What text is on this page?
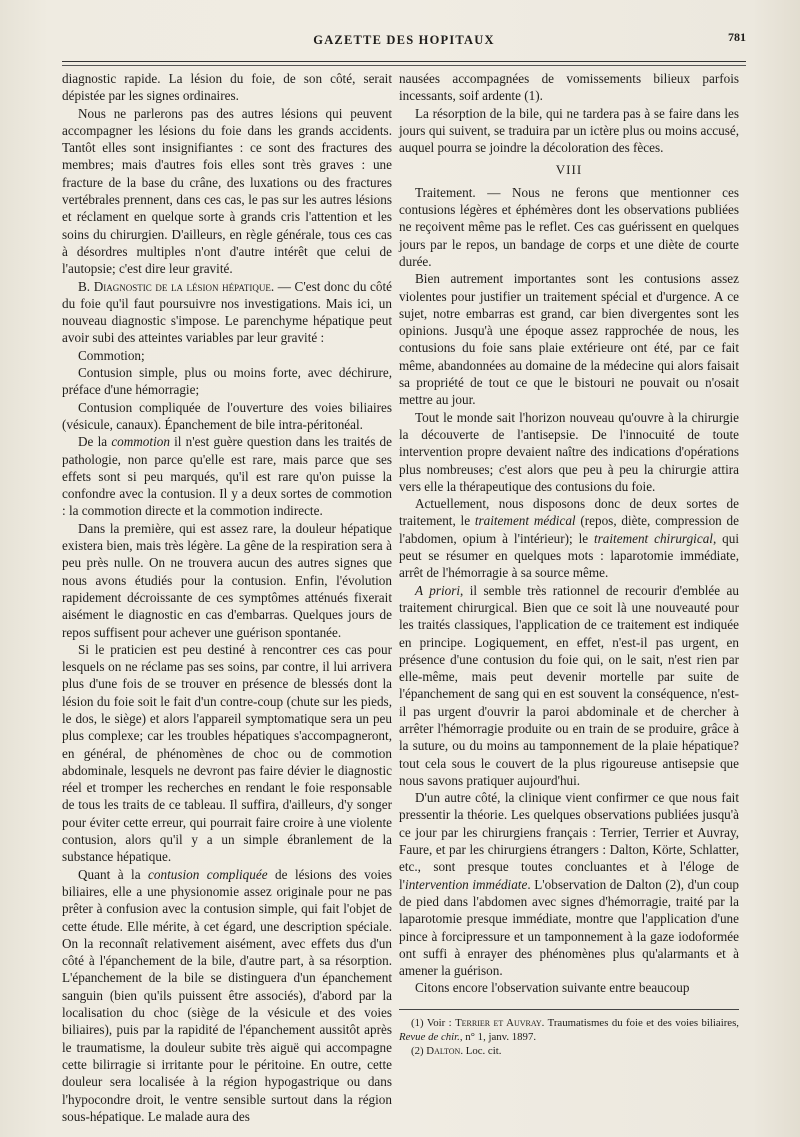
GAZETTE DES HOPITAUX	781

diagnostic rapide. La lésion du foie, de son côté, serait dépistée par les signes ordinaires.

Nous ne parlerons pas des autres lésions qui peuvent accompagner les lésions du foie dans les grands accidents. Tantôt elles sont insignifiantes : ce sont des fractures des membres; mais d'autres fois elles sont très graves : une fracture de la base du crâne, des luxations ou des fractures vertébrales prennent, dans ces cas, le pas sur les autres lésions et réclament en quelque sorte à grands cris l'attention et les soins du chirurgien. D'ailleurs, en règle générale, tous ces cas à désordres multiples n'ont d'autre intérêt que celui de l'autopsie; c'est dire leur gravité.

B. Diagnostic de la lésion hépatique. — C'est donc du côté du foie qu'il faut poursuivre nos investigations. Mais ici, un nouveau diagnostic s'impose. Le parenchyme hépatique peut avoir subi des atteintes variables par leur gravité :

Commotion;

Contusion simple, plus ou moins forte, avec déchirure, préface d'une hémorragie;

Contusion compliquée de l'ouverture des voies biliaires (vésicule, canaux). Épanchement de bile intra-péritonéal.

De la commotion il n'est guère question dans les traités de pathologie, non parce qu'elle est rare, mais parce que ses effets sont si peu marqués, qu'il est rare qu'on puisse la confondre avec la contusion. Il y a deux sortes de commotion : la commotion directe et la commotion indirecte.

Dans la première, qui est assez rare, la douleur hépatique existera bien, mais très légère. La gêne de la respiration sera à peu près nulle. On ne trouvera aucun des autres signes que nous avons étudiés pour la contusion. Enfin, l'évolution rapidement décroissante de ces symptômes atténués fixerait aisément le diagnostic en cas d'embarras. Quelques jours de repos suffisent pour achever une guérison spontanée.

Si le praticien est peu destiné à rencontrer ces cas pour lesquels on ne réclame pas ses soins, par contre, il lui arrivera plus d'une fois de se trouver en présence de blessés dont la lésion du foie soit le fait d'un contre-coup (chute sur les pieds, le dos, le siège) et alors l'appareil symptomatique sera un peu plus complexe; car les troubles hépatiques s'accompagneront, en général, de phénomènes de choc ou de commotion abdominale, lesquels ne devront pas faire dévier le diagnostic réel et tromper les recherches en rendant le foie responsable de tous les traits de ce tableau. Il suffira, d'ailleurs, d'y songer pour éviter cette erreur, qui pourrait faire croire à une violente contusion, alors qu'il y a un simple ébranlement de la substance hépatique.

Quant à la contusion compliquée de lésions des voies biliaires, elle a une physionomie assez originale pour ne pas prêter à confusion avec la contusion simple, qui fait l'objet de cette étude. Elle mérite, à cet égard, une description spéciale. On la reconnaît relativement aisément, avec effets dus d'un côté à l'épanchement de la bile, d'autre part, à sa résorption. L'épanchement de la bile se distinguera d'un épanchement sanguin (bien qu'ils puissent être associés), d'abord par la localisation du choc (siège de la vésicule et des voies biliaires), puis par la rapidité de l'épanchement aussitôt après le traumatisme, la douleur subite très aiguë qui accompagne cette bilirragie si irritante pour le péritoine. En outre, cette douleur sera localisée à la région hypogastrique ou dans l'hypocondre droit, le ventre sensible surtout dans la région sous-hépatique. Le malade aura des

nausées accompagnées de vomissements bilieux parfois incessants, soif ardente (1).

La résorption de la bile, qui ne tardera pas à se faire dans les jours qui suivent, se traduira par un ictère plus ou moins accusé, auquel pourra se joindre la décoloration des fèces.

VIII

Traitement. — Nous ne ferons que mentionner ces contusions légères et éphémères dont les observations publiées ne reçoivent même pas le reflet. Ces cas guérissent en quelques jours par le repos, un bandage de corps et une diète de courte durée.

Bien autrement importantes sont les contusions assez violentes pour justifier un traitement spécial et d'urgence. A ce sujet, notre embarras est grand, car bien divergentes sont les opinions. Jusqu'à une époque assez rapprochée de nous, les contusions du foie sans plaie extérieure ont été, par ce fait même, abandonnées au domaine de la médecine qui alors faisait sa propriété de tout ce que le bistouri ne pouvait ou n'osait mettre au jour.

Tout le monde sait l'horizon nouveau qu'ouvre à la chirurgie la découverte de l'antisepsie. De l'innocuité de toute intervention propre devaient naître des indications d'opérations plus nombreuses; c'est alors que peu à peu la chirurgie attira vers elle la thérapeutique des contusions du foie.

Actuellement, nous disposons donc de deux sortes de traitement, le traitement médical (repos, diète, compression de l'abdomen, opium à l'intérieur); le traitement chirurgical, qui peut se résumer en quelques mots : laparotomie immédiate, arrêt de l'hémorragie à sa source même.

A priori, il semble très rationnel de recourir d'emblée au traitement chirurgical. Bien que ce soit là une nouveauté pour les traités classiques, l'application de ce traitement est indiquée en principe. Logiquement, en effet, n'est-il pas urgent, en présence d'une contusion du foie qui, on le sait, n'est rien par elle-même, mais peut devenir mortelle par suite de l'épanchement de sang qui en est souvent la conséquence, n'est-il pas urgent d'ouvrir la paroi abdominale et de chercher à arrêter l'hémorragie produite ou en train de se produire, grâce à la suture, ou du moins au tamponnement de la plaie hépatique? tout cela sous le couvert de la plus rigoureuse antisepsie que nous savons pratiquer aujourd'hui.

D'un autre côté, la clinique vient confirmer ce que nous fait pressentir la théorie. Les quelques observations publiées jusqu'à ce jour par les chirurgiens français : Terrier, Terrier et Auvray, Faure, et par les chirurgiens étrangers : Dalton, Körte, Schlatter, etc., sont presque toutes concluantes et à l'éloge de l'intervention immédiate. L'observation de Dalton (2), d'un coup de pied dans l'abdomen avec signes d'hémorragie, traité par la laparotomie presque immédiate, montre que l'application d'une pince à forcipressure et un tamponnement à la gaze iodoformée ont suffi à enrayer des phénomènes plus qu'alarmants et à amener la guérison.

Citons encore l'observation suivante entre beaucoup

(1) Voir : Terrier et Auvray. Traumatismes du foie et des voies biliaires, Revue de chir., n° 1, janv. 1897.

(2) Dalton. Loc. cit.
